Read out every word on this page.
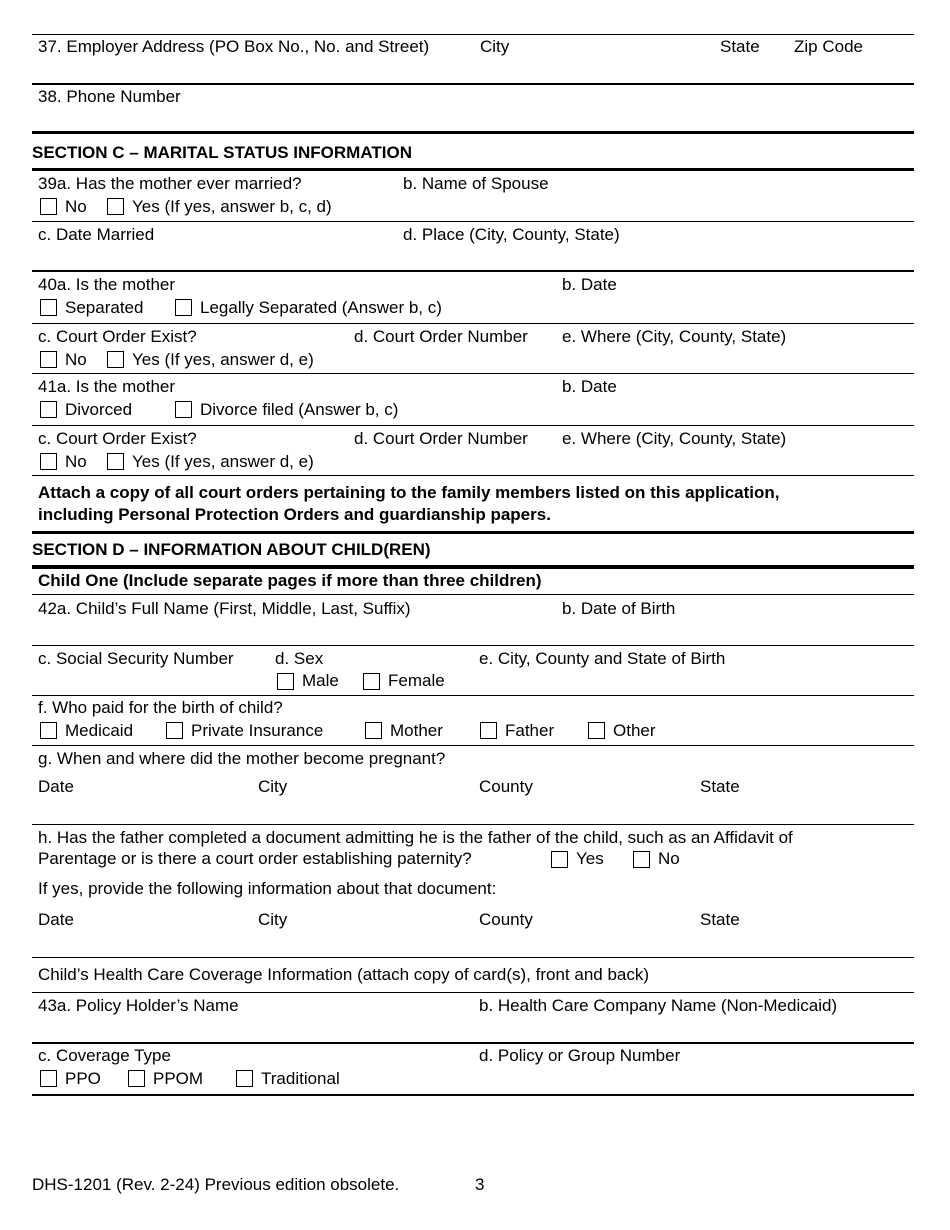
37. Employer Address (PO Box No., No. and Street)	City	State Zip Code
38. Phone Number
SECTION C – MARITAL STATUS INFORMATION
39a. Has the mother ever married?
No	Yes (If yes, answer b, c, d)
b. Name of Spouse
c. Date Married	d. Place (City, County, State)
40a. Is the mother
Separated	Legally Separated (Answer b, c)
b. Date
c. Court Order Exist?
No	Yes (If yes, answer d, e)
d. Court Order Number e. Where (City, County, State)
41a. Is the mother
Divorced	Divorce filed (Answer b, c)
b. Date
c. Court Order Exist?
No	Yes (If yes, answer d, e)
d. Court Order Number e. Where (City, County, State)
Attach a copy of all court orders pertaining to the family members listed on this application,
including Personal Protection Orders and guardianship papers.
SECTION D – INFORMATION ABOUT CHILD(REN)
Child One (Include separate pages if more than three children)
42a. Child’s Full Name (First, Middle, Last, Suffix)	b. Date of Birth
c. Social Security Number d. Sex
Male	Female
e. City, County and State of Birth
f. Who paid for the birth of child?
Medicaid	Private Insurance	Mother	Father	Other
g. When and where did the mother become pregnant?
Date	City	County	State
h. Has the father completed a document admitting he is the father of the child, such as an Affidavit of
Parentage or is there a court order establishing paternity?	Yes	No
If yes, provide the following information about that document:
Date	City	County	State
Child’s Health Care Coverage Information (attach copy of card(s), front and back)
43a. Policy Holder’s Name	b. Health Care Company Name (Non-Medicaid)
c. Coverage Type
PPO	PPOM	Traditional
d. Policy or Group Number
DHS-1201 (Rev. 2-24) Previous edition obsolete.	3
